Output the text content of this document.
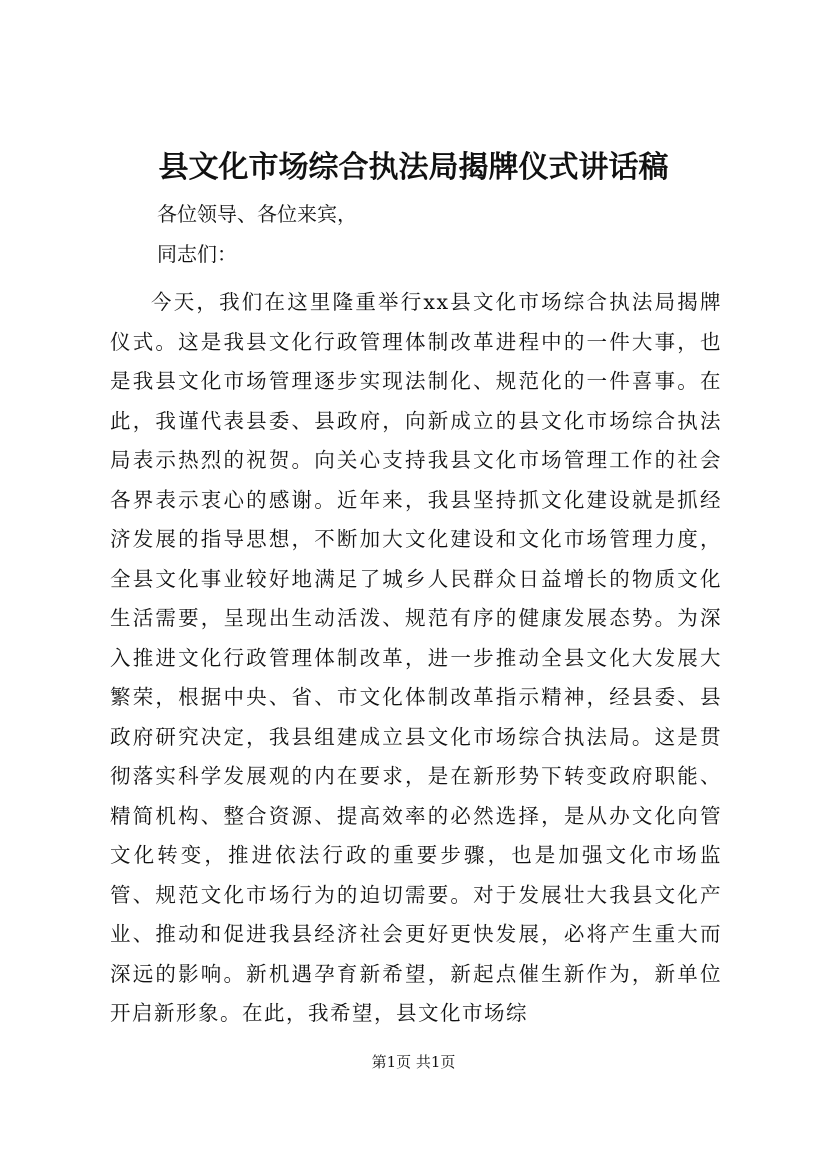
县文化市场综合执法局揭牌仪式讲话稿

各位领导、各位来宾，

同志们：

今天，我们在这里隆重举行xx县文化市场综合执法局揭牌仪式。这是我县文化行政管理体制改革进程中的一件大事，也是我县文化市场管理逐步实现法制化、规范化的一件喜事。在此，我谨代表县委、县政府，向新成立的县文化市场综合执法局表示热烈的祝贺。向关心支持我县文化市场管理工作的社会各界表示衷心的感谢。近年来，我县坚持抓文化建设就是抓经济发展的指导思想，不断加大文化建设和文化市场管理力度，全县文化事业较好地满足了城乡人民群众日益增长的物质文化生活需要，呈现出生动活泼、规范有序的健康发展态势。为深入推进文化行政管理体制改革，进一步推动全县文化大发展大繁荣，根据中央、省、市文化体制改革指示精神，经县委、县政府研究决定，我县组建成立县文化市场综合执法局。这是贯彻落实科学发展观的内在要求，是在新形势下转变政府职能、精简机构、整合资源、提高效率的必然选择，是从办文化向管文化转变，推进依法行政的重要步骤，也是加强文化市场监管、规范文化市场行为的迫切需要。对于发展壮大我县文化产业、推动和促进我县经济社会更好更快发展，必将产生重大而深远的影响。新机遇孕育新希望，新起点催生新作为，新单位开启新形象。在此，我希望，县文化市场综

第1页 共1页
